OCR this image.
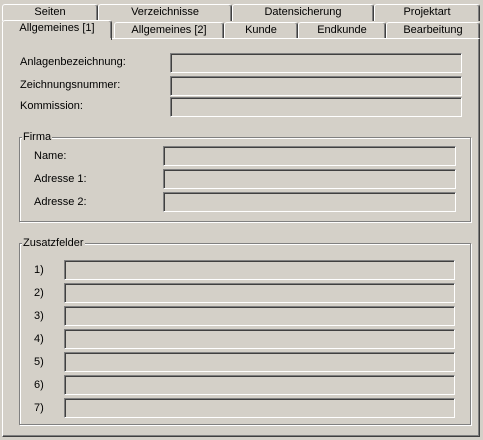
Seiten	Verzeichnisse	Datensicherung	Projektart
Allgemeines [1]	Allgemeines [2]	Kunde	Endkunde	Bearbeitung
Anlagenbezeichnung:
Zeichnungsnummer:
Kommission:
Firma
Name:
Adresse 1:
Adresse 2:
Zusatzfelder
1)
2)
3)
4)
5)
6)
7)
